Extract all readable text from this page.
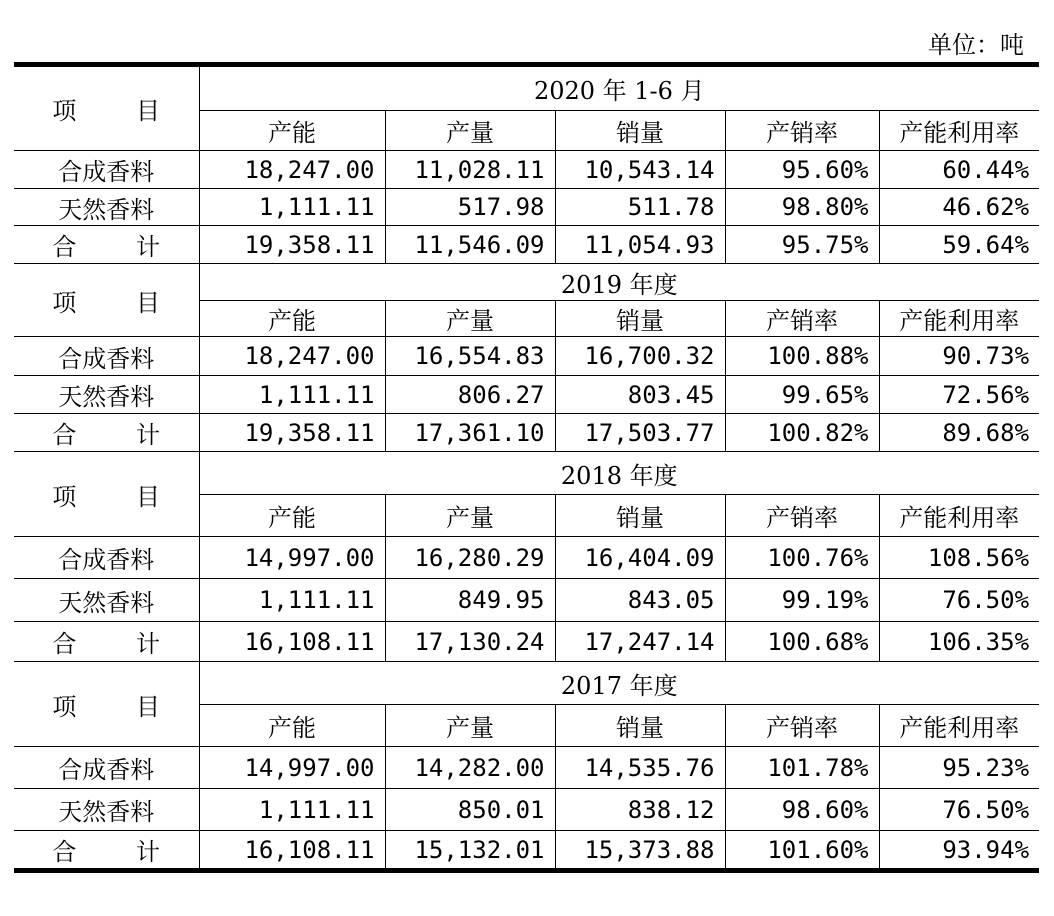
单位：吨
项 目	2020 年 1-6 月				
	产能	产量	销量	产销率	产能利用率
合成香料	18,247.00	11,028.11	10,543.14	95.60%	60.44%
天然香料	1,111.11	517.98	511.78	98.80%	46.62%
合 计	19,358.11	11,546.09	11,054.93	95.75%	59.64%
项 目	2019 年度				
	产能	产量	销量	产销率	产能利用率
合成香料	18,247.00	16,554.83	16,700.32	100.88%	90.73%
天然香料	1,111.11	806.27	803.45	99.65%	72.56%
合 计	19,358.11	17,361.10	17,503.77	100.82%	89.68%
项 目	2018 年度				
	产能	产量	销量	产销率	产能利用率
合成香料	14,997.00	16,280.29	16,404.09	100.76%	108.56%
天然香料	1,111.11	849.95	843.05	99.19%	76.50%
合 计	16,108.11	17,130.24	17,247.14	100.68%	106.35%
项 目	2017 年度				
	产能	产量	销量	产销率	产能利用率
合成香料	14,997.00	14,282.00	14,535.76	101.78%	95.23%
天然香料	1,111.11	850.01	838.12	98.60%	76.50%
合 计	16,108.11	15,132.01	15,373.88	101.60%	93.94%
